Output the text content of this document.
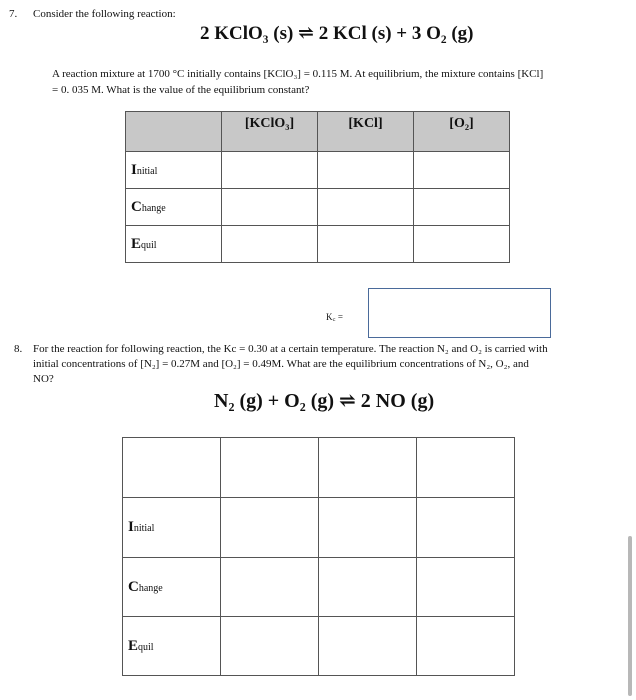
7. Consider the following reaction:
2 KClO₃ (s) ⇌ 2 KCl (s) + 3 O₂ (g)
A reaction mixture at 1700 °C initially contains [KClO₃] = 0.115 M. At equilibrium, the mixture contains [KCl]
= 0. 035 M. What is the value of the equilibrium constant?
	[KClO₃]	[KCl]	[O₂]
Initial			
Change			
Equil			
K꜀ =
8. For the reaction for following reaction, the Kc = 0.30 at a certain temperature. The reaction N₂ and O₂ is carried with
initial concentrations of [N₂] = 0.27M and [O₂] = 0.49M. What are the equilibrium concentrations of N₂, O₂, and
NO?
N₂ (g) + O₂ (g) ⇌ 2 NO (g)

Initial			
Change			
Equil			
